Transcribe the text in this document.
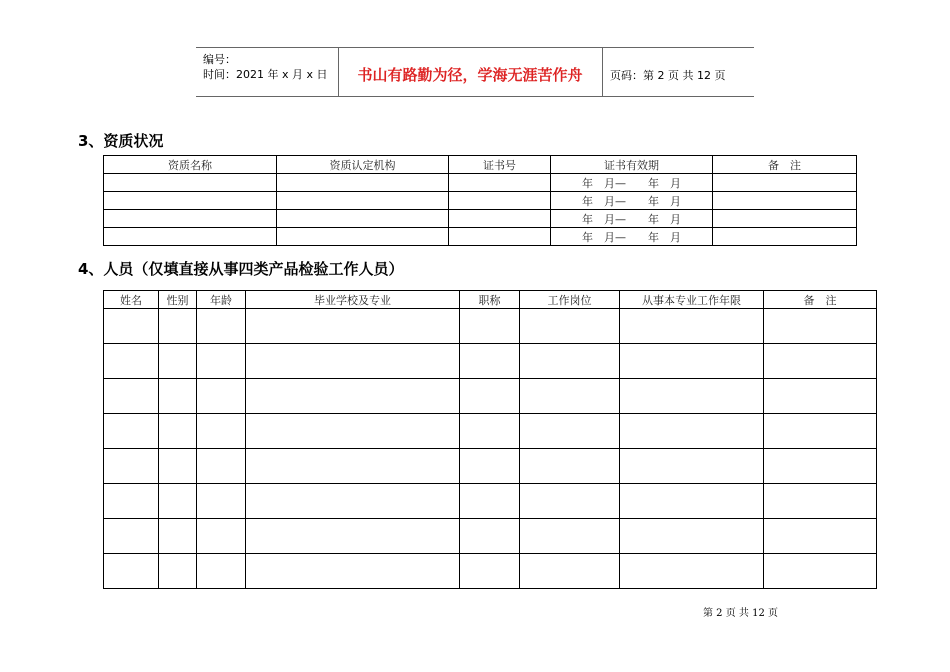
编号：
时间：2021 年 x 月 x 日	书山有路勤为径，学海无涯苦作舟	页码：第 2 页 共 12 页
3、资质状况
资质名称	资质认定机构	证书号	证书有效期	备　注
			年　月—　　年　月	
			年　月—　　年　月	
			年　月—　　年　月	
			年　月—　　年　月	
4、人员（仅填直接从事四类产品检验工作人员）
姓名	性别	年龄	毕业学校及专业	职称	工作岗位	从事本专业工作年限	备　注

第 2 页 共 12 页
